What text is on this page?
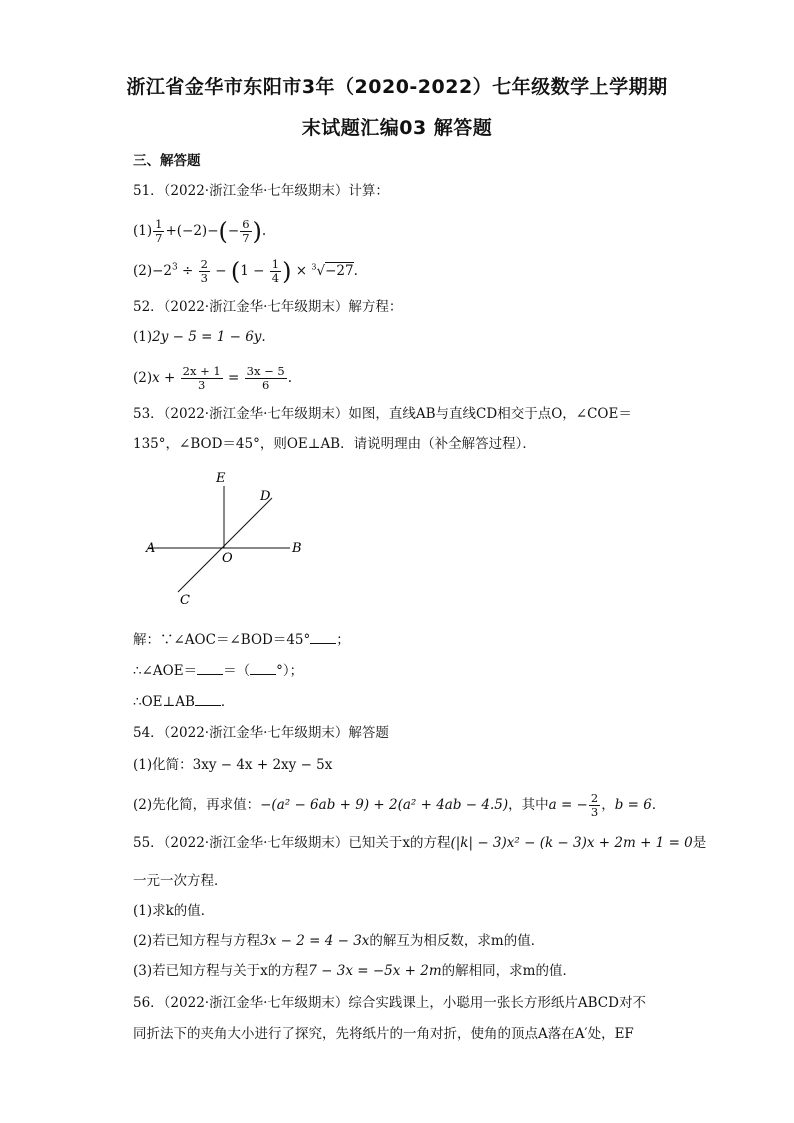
浙江省金华市东阳市3年（2020-2022）七年级数学上学期期
末试题汇编03 解答题
三、解答题
51．（2022·浙江金华·七年级期末）计算：
$(1) \frac{1}{7} +(-2)-(- \frac{6}{7}$ ).
$(2)-2^3 \div \frac{2}{3} - (1 - \frac{1}{4}$ ) × $^3$√−27.
52．（2022·浙江金华·七年级期末）解方程：
(1)2y − 5 = 1 − 6y.
$(2)x + \frac{2x + 1}{3} = \frac{3x - 5}{6}$ .
53．（2022·浙江金华·七年级期末）如图，直线AB与直线CD相交于点O，∠COE＝
135°，∠BOD＝45°，则OE⊥AB．请说明理由（补全解答过程）．
E
D
A	B
O
C
解：∵∠AOC＝∠BOD＝45° ；
∴∠AOE＝ ＝（ °）；
∴OE⊥AB ．
54．（2022·浙江金华·七年级期末）解答题
(1)化简：3xy − 4x + 2xy − 5x
(2)先化简，再求值：−(a² − 6ab + 9) + 2(a² + 4ab − 4.5)，其中a = − $\frac{2}{3}$ ，b = 6．
55．（2022·浙江金华·七年级期末）已知关于x的方程(|k| − 3)x² − (k − 3)x + 2m + 1 = 0是
一元一次方程．
(1)求k的值．
(2)若已知方程与方程3x − 2 = 4 − 3x的解互为相反数，求m的值．
(3)若已知方程与关于x的方程7 − 3x = −5x + 2m的解相同，求m的值．
56．（2022·浙江金华·七年级期末）综合实践课上，小聪用一张长方形纸片ABCD对不
同折法下的夹角大小进行了探究，先将纸片的一角对折，使角的顶点A落在A′处，EF
